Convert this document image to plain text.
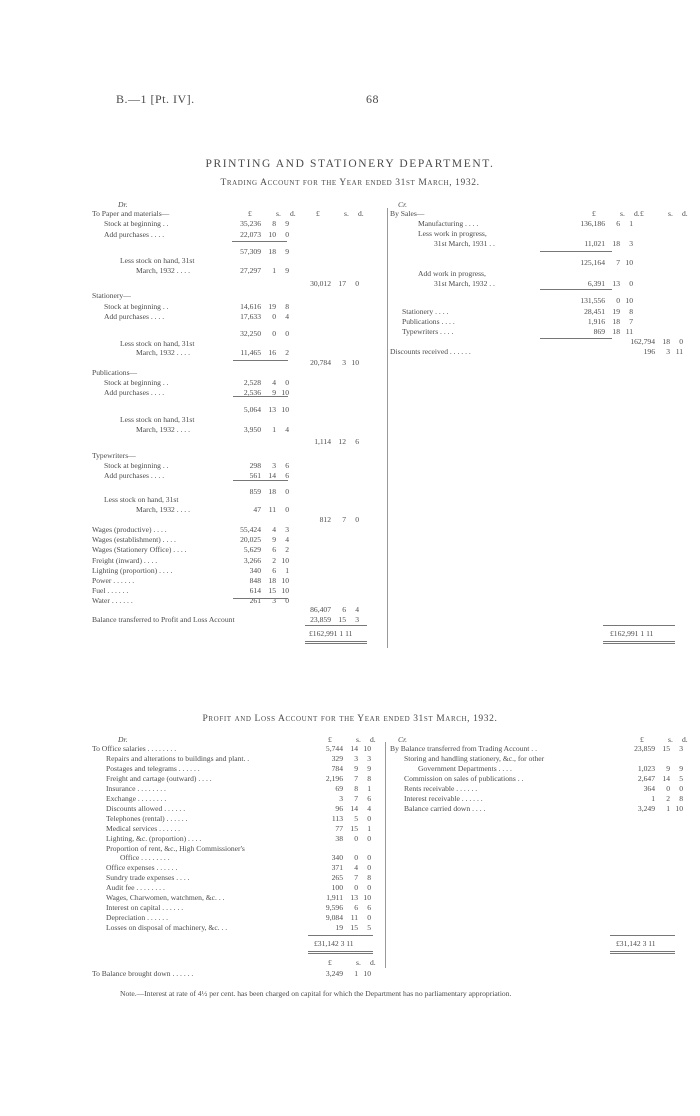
B.—1 [Pt. IV].	68
PRINTING AND STATIONERY DEPARTMENT.
Trading Account for the Year ended 31st March, 1932.
Dr.	Cr.
£	s. d.	£	s. d.	£	s. d. £	s. d.
To Paper and materials—
Stock at beginning . .	35,236	8	9
Add purchases . . . .	22,073 10	0
57,309 18	9
Less stock on hand, 31st
March, 1932 . . . .	27,297	1	9
30,012 17	0
Stationery—
Stock at beginning . .	14,616 19	8
Add purchases . . . .	17,633	0	4
32,250	0	0
Less stock on hand, 31st
March, 1932 . . . .	11,465 16	2
20,784	3 10
Publications—
Stock at beginning . .	2,528	4	0
Add purchases . . . .	2,536	9 10
5,064 13 10
Less stock on hand, 31st
March, 1932 . . . .	3,950	1	4
1,114 12	6
Typewriters—
Stock at beginning . .	298	3	6
Add purchases . . . .	561 14	6
859 18	0
Less stock on hand, 31st
March, 1932 . . . .	47	11	0
812	7	0
Wages (productive) . . . .	55,424	4	3
Wages (establishment) . . . .	20,025	9	4
Wages (Stationery Office) . . . .	5,629	6	2
Freight (inward) . . . .	3,266	2 10
Lighting (proportion) . . . .	340	6	1
Power . . . . . .	848 18 10
Fuel . . . . . .	614 15 10
Water . . . . . .	261	3	0
86,407	6	4
Balance transferred to Profit and Loss Account	23,859 15	3
£162,991 1 11
By Sales—
Manufacturing . . . .	136,186	6	1
Less work in progress,
31st March, 1931 . .	11,021 18	3
125,164	7 10
Add work in progress,
31st March, 1932 . .	6,391 13	0
131,556	0 10
Stationery . . . .	28,451 19	8
Publications . . . .	1,916 18	7
Typewriters . . . .	869 18 11
162,794 18	0
Discounts received . . . . . .	196	3 11
£162,991 1 11
Profit and Loss Account for the Year ended 31st March, 1932.
Dr.	Cr.
£	s. d.	£	s. d.
To Office salaries . . . . . . . .	5,744 14 10
Repairs and alterations to buildings and plant. .	329	3	3
Postages and telegrams . . . . . .	784	9	9
Freight and cartage (outward) . . . .	2,196	7	8
Insurance . . . . . . . .	69	8	1
Exchange . . . . . . . .	3	7	6
Discounts allowed . . . . . .	96 14	4
Telephones (rental) . . . . . .	113	5	0
Medical services . . . . . .	77 15	1
Lighting, &c. (proportion) . . . .	38	0	0
Proportion of rent, &c., High Commissioner's
Office . . . . . . . .	340	0	0
Office expenses . . . . . .	371	4	0
Sundry trade expenses . . . .	265	7	8
Audit fee . . . . . . . .	100	0	0
Wages, Charwomen, watchmen, &c. . .	1,911 13 10
Interest on capital . . . . . .	9,596	6	6
Depreciation . . . . . .	9,084	11	0
Losses on disposal of machinery, &c. . .	19 15	5
£31,142 3 11
By Balance transferred from Trading Account . .	23,859 15	3
Storing and handling stationery, &c., for other
Government Departments . . . .	1,023	9	9
Commission on sales of publications . .	2,647 14	5
Rents receivable . . . . . .	364	0	0
Interest receivable . . . . . .	1	2	8
Balance carried down . . . .	3,249	1 10
£31,142 3 11
£	s. d.
To Balance brought down . . . . . .	3,249	1 10
Note.—Interest at rate of 4½ per cent. has been charged on capital for which the Department has no parliamentary appropriation.
